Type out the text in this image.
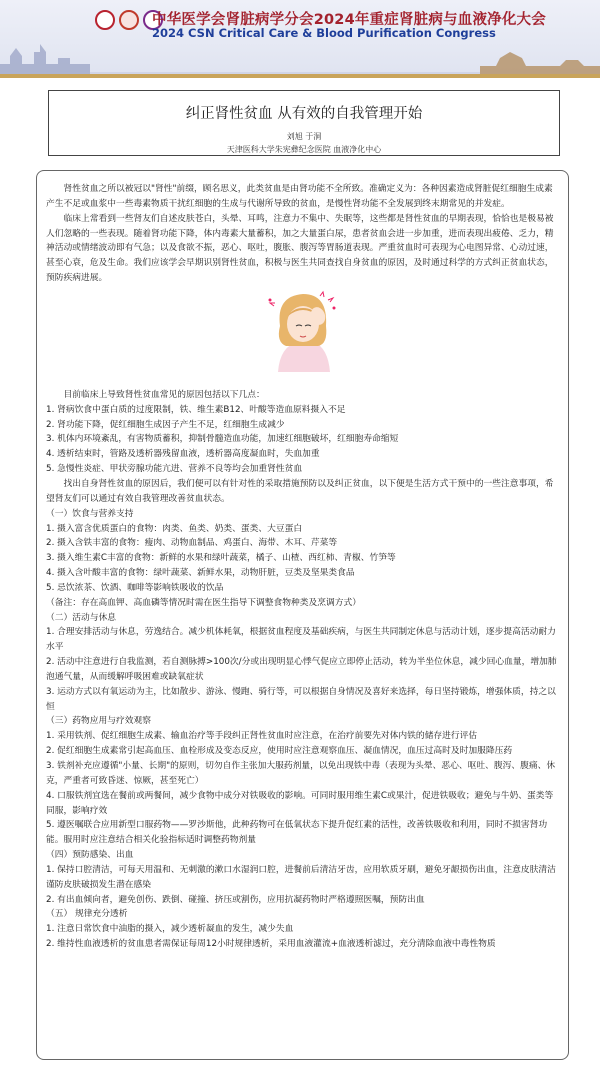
中华医学会肾脏病学分会2024年重症肾脏病与血液净化大会
2024 CSN Critical Care & Blood Purification Congress
纠正肾性贫血 从有效的自我管理开始
刘旭 于洞
天津医科大学朱宪彝纪念医院 血液净化中心

肾性贫血之所以被冠以"肾性"前缀，顾名思义，此类贫血是由肾功能不全所致。准确定义为：各种因素造成肾脏促红细胞生成素产生不足或血浆中一些毒素物质干扰红细胞的生成与代谢所导致的贫血，是慢性肾功能不全发展到终末期常见的并发症。

临床上常看到一些肾友们自述皮肤苍白，头晕、耳鸣，注意力不集中、失眠等，这些都是肾性贫血的早期表现，恰恰也是极易被人们忽略的一些表现。随着肾功能下降，体内毒素大量蓄积，加之大量蛋白尿，患者贫血会进一步加重，进而表现出疲倦、乏力，精神活动或情绪波动即有气急；以及食欲不振，恶心、呕吐，腹胀、腹泻等胃肠道表现。严重贫血时可表现为心电图异常、心动过速，甚至心衰，危及生命。我们应该学会早期识别肾性贫血，积极与医生共同查找自身贫血的原因，及时通过科学的方式纠正贫血状态，预防疾病进展。

目前临床上导致肾性贫血常见的原因包括以下几点：

1. 肾病饮食中蛋白质的过度限制，铁、维生素B12、叶酸等造血原料摄入不足

2. 肾功能下降，促红细胞生成因子产生不足，红细胞生成减少

3. 机体内环境紊乱，有害物质蓄积，抑制骨髓造血功能，加速红细胞破坏，红细胞寿命缩短

4. 透析结束时，管路及透析器残留血液，透析器高度凝血时，失血加重

5. 急慢性炎症、甲状旁腺功能亢进、营养不良等均会加重肾性贫血

找出自身肾性贫血的原因后，我们便可以有针对性的采取措施预防以及纠正贫血，以下便是生活方式干预中的一些注意事项，希望肾友们可以通过有效自我管理改善贫血状态。

（一）饮食与营养支持

1. 摄入富含优质蛋白的食物：肉类、鱼类、奶类、蛋类、大豆蛋白

2. 摄入含铁丰富的食物：瘦肉、动物血制品、鸡蛋白、海带、木耳、芹菜等

3. 摄入维生素C丰富的食物：新鲜的水果和绿叶蔬菜，橘子、山楂、西红柿、青椒、竹笋等

4. 摄入含叶酸丰富的食物：绿叶蔬菜、新鲜水果，动物肝脏，豆类及坚果类食品

5. 忌饮浓茶、饮酒、咖啡等影响铁吸收的饮品

（备注：存在高血钾、高血磷等情况时需在医生指导下调整食物种类及烹调方式）

（二）活动与休息

1. 合理安排活动与休息，劳逸结合。减少机体耗氧，根据贫血程度及基础疾病，与医生共同制定休息与活动计划，逐步提高活动耐力水平

2. 活动中注意进行自我监测，若自测脉搏>100次/分或出现明显心悸气促应立即停止活动，转为半坐位休息，减少回心血量，增加肺泡通气量，从而缓解呼吸困难或缺氧症状

3. 运动方式以有氧运动为主，比如散步、游泳、慢跑、骑行等，可以根据自身情况及喜好来选择，每日坚持锻炼，增强体质，持之以恒

（三）药物应用与疗效观察

1. 采用铁剂、促红细胞生成素、输血治疗等手段纠正肾性贫血时应注意，在治疗前要先对体内铁的储存进行评估

2. 促红细胞生成素常引起高血压、血栓形成及变态反应，使用时应注意观察血压、凝血情况，血压过高时及时加服降压药

3. 铁剂补充应遵循"小量、长期"的原则，切勿自作主张加大服药剂量，以免出现铁中毒（表现为头晕、恶心、呕吐、腹泻、腹痛、休克，严重者可致昏迷、惊厥，甚至死亡）

4. 口服铁剂宜选在餐前或两餐间，减少食物中成分对铁吸收的影响。可同时服用维生素C或果汁，促进铁吸收；避免与牛奶、蛋类等同服，影响疗效

5. 遵医嘱联合应用新型口服药物——罗沙斯他，此种药物可在低氧状态下提升促红素的活性，改善铁吸收和利用，同时不损害肾功能。服用时应注意结合相关化验指标适时调整药物剂量

（四）预防感染、出血

1. 保持口腔清洁，可每天用温和、无刺激的漱口水湿润口腔，进餐前后清洁牙齿，应用软质牙刷，避免牙龈损伤出血，注意皮肤清洁谨防皮肤破损发生潜在感染

2. 有出血倾向者，避免创伤、跌倒、碰撞、挤压或割伤，应用抗凝药物时严格遵照医嘱，预防出血

（五） 规律充分透析

1. 注意日常饮食中油脂的摄入，减少透析凝血的发生，减少失血

2. 维持性血液透析的贫血患者需保证每周12小时规律透析，采用血液灌流+血液透析滤过，充分清除血液中毒性物质
